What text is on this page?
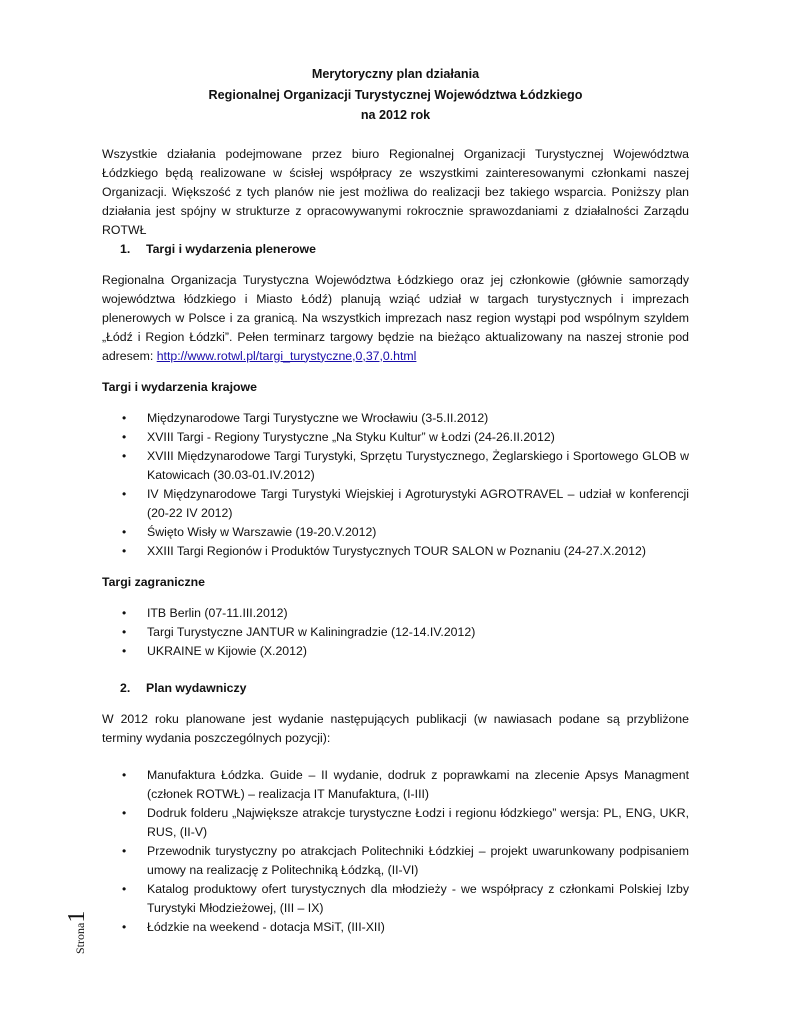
Merytoryczny plan działania

Regionalnej Organizacji Turystycznej Województwa Łódzkiego

na 2012 rok

Wszystkie działania podejmowane przez biuro Regionalnej Organizacji Turystycznej Województwa Łódzkiego będą realizowane w ścisłej współpracy ze wszystkimi zainteresowanymi członkami naszej Organizacji. Większość z tych planów nie jest możliwa do realizacji bez takiego wsparcia. Poniższy plan działania jest spójny w strukturze z opracowywanymi rokrocznie sprawozdaniami z działalności Zarządu ROTWŁ

1. Targi i wydarzenia plenerowe

Regionalna Organizacja Turystyczna Województwa Łódzkiego oraz jej członkowie (głównie samorządy województwa łódzkiego i Miasto Łódź) planują wziąć udział w targach turystycznych i imprezach plenerowych w Polsce i za granicą. Na wszystkich imprezach nasz region wystąpi pod wspólnym szyldem „Łódź i Region Łódzki”. Pełen terminarz targowy będzie na bieżąco aktualizowany na naszej stronie pod adresem: http://www.rotwl.pl/targi_turystyczne,0,37,0.html

Targi i wydarzenia krajowe

• Międzynarodowe Targi Turystyczne we Wrocławiu (3-5.II.2012)
• XVIII Targi - Regiony Turystyczne „Na Styku Kultur” w Łodzi (24-26.II.2012)
• XVIII Międzynarodowe Targi Turystyki, Sprzętu Turystycznego, Żeglarskiego i Sportowego GLOB w Katowicach (30.03-01.IV.2012)
• IV Międzynarodowe Targi Turystyki Wiejskiej i Agroturystyki AGROTRAVEL – udział w konferencji (20-22 IV 2012)
• Święto Wisły w Warszawie (19-20.V.2012)
• XXIII Targi Regionów i Produktów Turystycznych TOUR SALON w Poznaniu (24-27.X.2012)

Targi zagraniczne

• ITB Berlin (07-11.III.2012)
• Targi Turystyczne JANTUR w Kaliningradzie (12-14.IV.2012)
• UKRAINE w Kijowie (X.2012)

2. Plan wydawniczy

W 2012 roku planowane jest wydanie następujących publikacji (w nawiasach podane są przybliżone terminy wydania poszczególnych pozycji):

• Manufaktura Łódzka. Guide – II wydanie, dodruk z poprawkami na zlecenie Apsys Managment (członek ROTWŁ) – realizacja IT Manufaktura, (I-III)
• Dodruk folderu „Największe atrakcje turystyczne Łodzi i regionu łódzkiego” wersja: PL, ENG, UKR, RUS, (II-V)
• Przewodnik turystyczny po atrakcjach Politechniki Łódzkiej – projekt uwarunkowany podpisaniem umowy na realizację z Politechniką Łódzką, (II-VI)
• Katalog produktowy ofert turystycznych dla młodzieży - we współpracy z członkami Polskiej Izby Turystyki Młodzieżowej, (III – IX)
• Łódzkie na weekend - dotacja MSiT, (III-XII)
Strona1
